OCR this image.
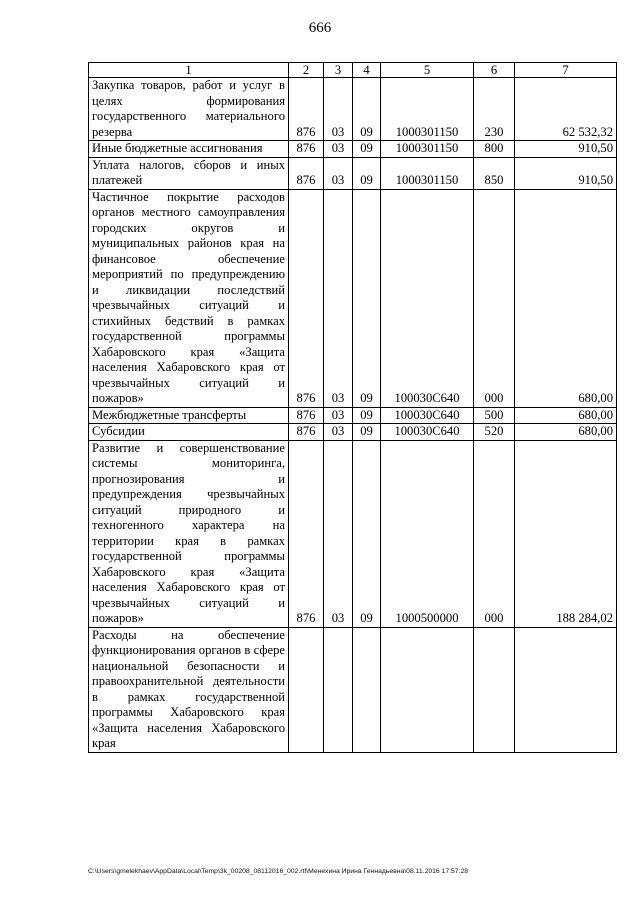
666
1	2	3	4	5	6	7
Закупка товаров, работ и услуг в целях формирования государственного материального резерва	876	03	09	1000301150	230	62 532,32
Иные бюджетные ассигнования	876	03	09	1000301150	800	910,50
Уплата налогов, сборов и иных платежей	876	03	09	1000301150	850	910,50
Частичное покрытие расходов органов местного самоуправления городских округов и муниципальных районов края на финансовое обеспечение мероприятий по предупреждению и ликвидации последствий чрезвычайных ситуаций и стихийных бедствий в рамках государственной программы Хабаровского края «Защита населения Хабаровского края от чрезвычайных ситуаций и пожаров»	876	03	09	100030С640	000	680,00
Межбюджетные трансферты	876	03	09	100030С640	500	680,00
Субсидии	876	03	09	100030С640	520	680,00
Развитие и совершенствование системы мониторинга, прогнозирования и предупреждения чрезвычайных ситуаций природного и техногенного характера на территории края в рамках государственной программы Хабаровского края «Защита населения Хабаровского края от чрезвычайных ситуаций и пожаров»	876	03	09	1000500000	000	188 284,02
Расходы на обеспечение функционирования органов в сфере национальной безопасности и правоохранительной деятельности в рамках государственной программы Хабаровского края «Защита населения Хабаровского края						
C:\Users\gmelekhaev\AppData\Local\Temp\3k_00208_08112016_002.rtf\Менехина Ирина Геннадьевна\08.11.2016 17:57:28
